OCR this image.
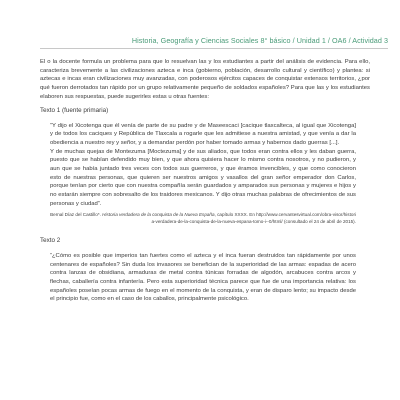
Historia, Geografía y Ciencias Sociales 8° básico / Unidad 1 / OA6 / Actividad 3

El o la docente formula un problema para que lo resuelvan las y los estudiantes a partir del análisis de evidencia. Para ello, caracteriza brevemente a las civilizaciones azteca e inca (gobierno, población, desarrollo cultural y científico) y plantea: si aztecas e incas eran civilizaciones muy avanzadas, con poderosos ejércitos capaces de conquistar extensos territorios, ¿por qué fueron derrotados tan rápido por un grupo relativamente pequeño de soldados españoles? Para que las y los estudiantes elaboren sus respuestas, puede sugerirles estas u otras fuentes:

Texto 1 (fuente primaria)

“Y dijo el Xicotenga que él venía de parte de su padre y de Maseescaci [cacique tlaxcalteca, al igual que Xicotenga] y de todos los caciques y República de Tlaxcala a rogarle que les admitiese a nuestra amistad, y que venía a dar la obediencia a nuestro rey y señor, y a demandar perdón por haber tomado armas y habernos dado guerras [...].

Y de muchas quejas de Montezuma [Moctezuma] y de sus aliados, que todos eran contra ellos y les daban guerra, puesto que se habían defendido muy bien, y que ahora quisiera hacer lo mismo contra nosotros, y no pudieron, y aun que se había juntado tres veces con todos sus guerreros, y que éramos invencibles, y que como conocieron esto de nuestras personas, que quieren ser nuestros amigos y vasallos del gran señor emperador don Carlos, porque tenían por cierto que con nuestra compañía serán guardados y amparados sus personas y mujeres e hijos y no estarán siempre con sobresalto de los traidores mexicanos. Y dijo otras muchas palabras de ofrecimientos de sus personas y ciudad”.

Bernal Díaz del Castillo*. Historia verdadera de la conquista de la Nueva España, capítulo XXXX. En http://www.cervantesvirtual.com/obra-visor/historia-verdadera-de-la-conquista-de-la-nueva-espana-tomo-i--0/html/ (consultado el 24 de abril de 2015).
Texto 2

“¿Cómo es posible que imperios tan fuertes como el azteca y el inca fueran destruidos tan rápidamente por unos centenares de españoles? Sin duda los invasores se benefician de la superioridad de las armas: espadas de acero contra lanzas de obsidiana, armaduras de metal contra túnicas forradas de algodón, arcabuces contra arcos y flechas, caballería contra infantería. Pero esta superioridad técnica parece que fue de una importancia relativa: los españoles poseían pocas armas de fuego en el momento de la conquista, y eran de disparo lento; su impacto desde el principio fue, como en el caso de los caballos, principalmente psicológico.
